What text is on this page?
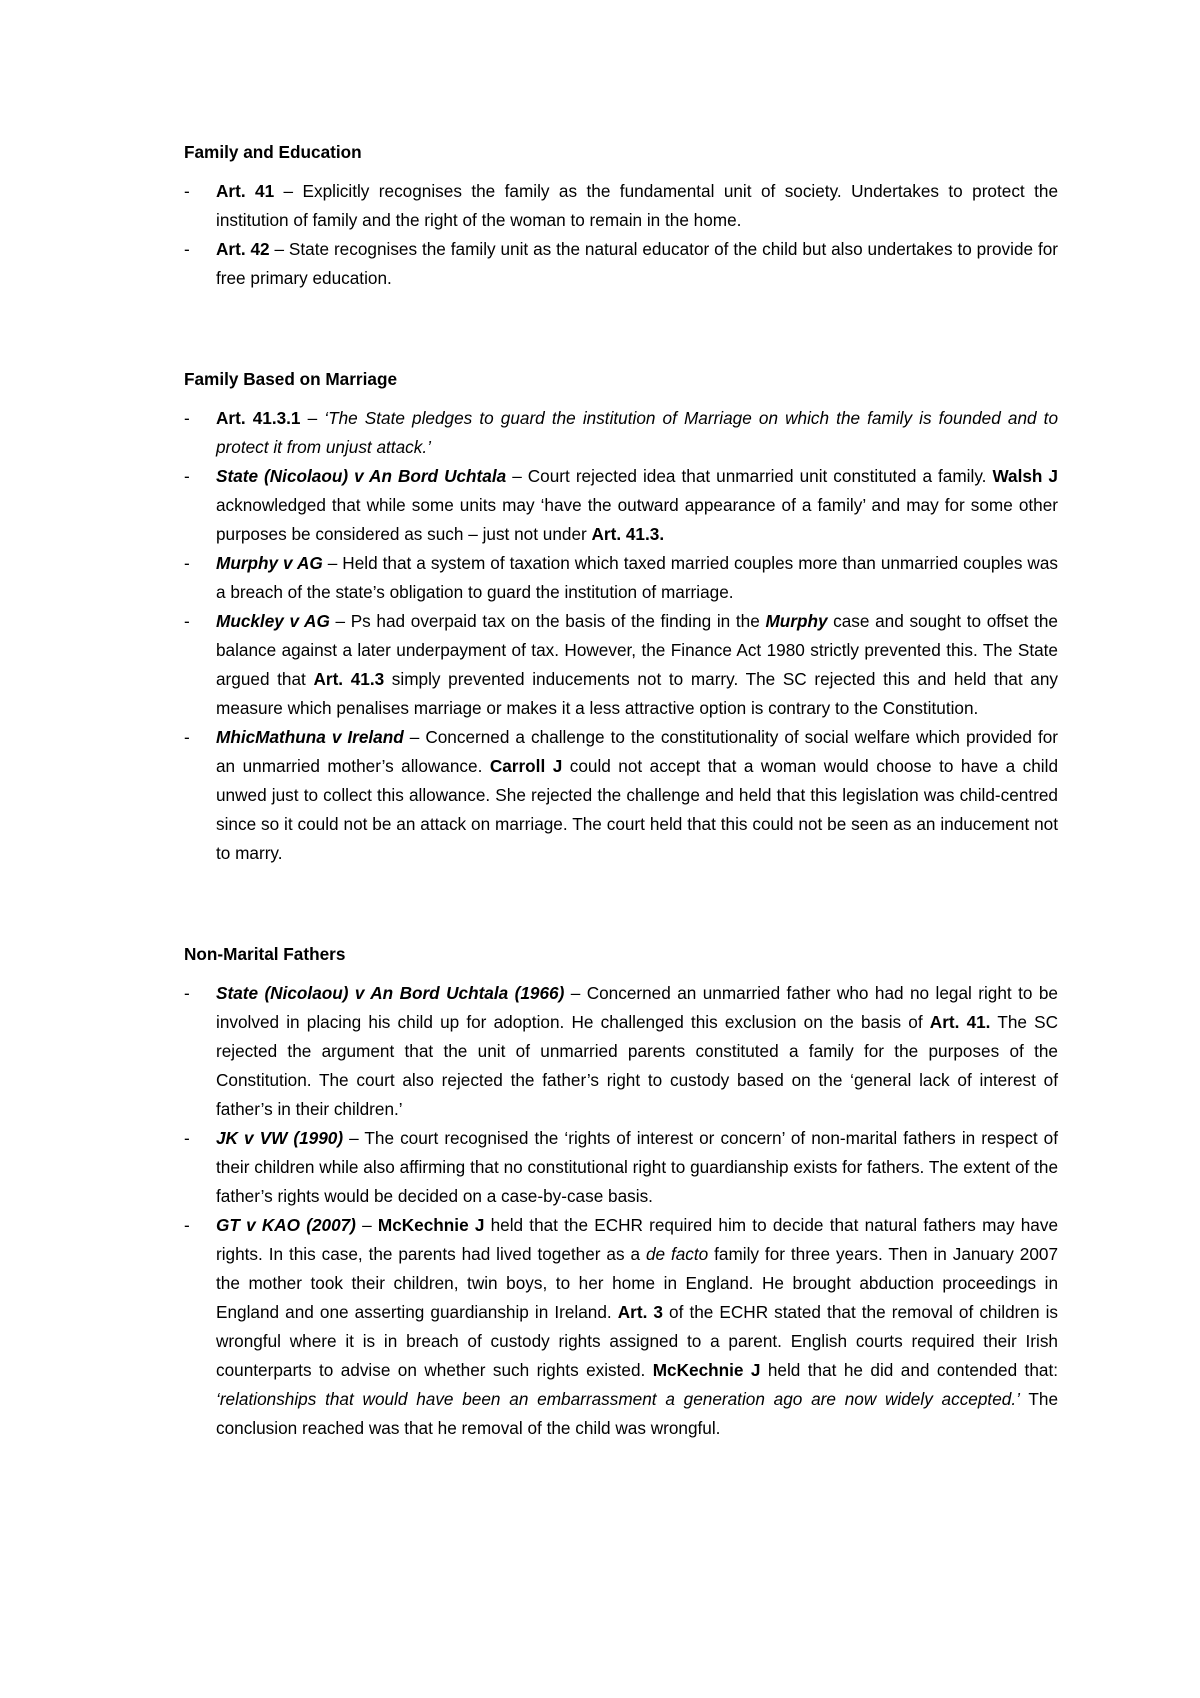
Family and Education
- Art. 41 – Explicitly recognises the family as the fundamental unit of society. Undertakes to protect the institution of family and the right of the woman to remain in the home.
- Art. 42 – State recognises the family unit as the natural educator of the child but also undertakes to provide for free primary education.
Family Based on Marriage
- Art. 41.3.1 – ‘The State pledges to guard the institution of Marriage on which the family is founded and to protect it from unjust attack.’
- State (Nicolaou) v An Bord Uchtala – Court rejected idea that unmarried unit constituted a family. Walsh J acknowledged that while some units may ‘have the outward appearance of a family’ and may for some other purposes be considered as such – just not under Art. 41.3.
- Murphy v AG – Held that a system of taxation which taxed married couples more than unmarried couples was a breach of the state’s obligation to guard the institution of marriage.
- Muckley v AG – Ps had overpaid tax on the basis of the finding in the Murphy case and sought to offset the balance against a later underpayment of tax. However, the Finance Act 1980 strictly prevented this. The State argued that Art. 41.3 simply prevented inducements not to marry. The SC rejected this and held that any measure which penalises marriage or makes it a less attractive option is contrary to the Constitution.
- MhicMathuna v Ireland – Concerned a challenge to the constitutionality of social welfare which provided for an unmarried mother’s allowance. Carroll J could not accept that a woman would choose to have a child unwed just to collect this allowance. She rejected the challenge and held that this legislation was child-centred since so it could not be an attack on marriage. The court held that this could not be seen as an inducement not to marry.
Non-Marital Fathers
- State (Nicolaou) v An Bord Uchtala (1966) – Concerned an unmarried father who had no legal right to be involved in placing his child up for adoption. He challenged this exclusion on the basis of Art. 41. The SC rejected the argument that the unit of unmarried parents constituted a family for the purposes of the Constitution. The court also rejected the father’s right to custody based on the ‘general lack of interest of father’s in their children.’
- JK v VW (1990) – The court recognised the ‘rights of interest or concern’ of non-marital fathers in respect of their children while also affirming that no constitutional right to guardianship exists for fathers. The extent of the father’s rights would be decided on a case-by-case basis.
- GT v KAO (2007) – McKechnie J held that the ECHR required him to decide that natural fathers may have rights. In this case, the parents had lived together as a de facto family for three years. Then in January 2007 the mother took their children, twin boys, to her home in England. He brought abduction proceedings in England and one asserting guardianship in Ireland. Art. 3 of the ECHR stated that the removal of children is wrongful where it is in breach of custody rights assigned to a parent. English courts required their Irish counterparts to advise on whether such rights existed. McKechnie J held that he did and contended that: ‘relationships that would have been an embarrassment a generation ago are now widely accepted.’ The conclusion reached was that he removal of the child was wrongful.
